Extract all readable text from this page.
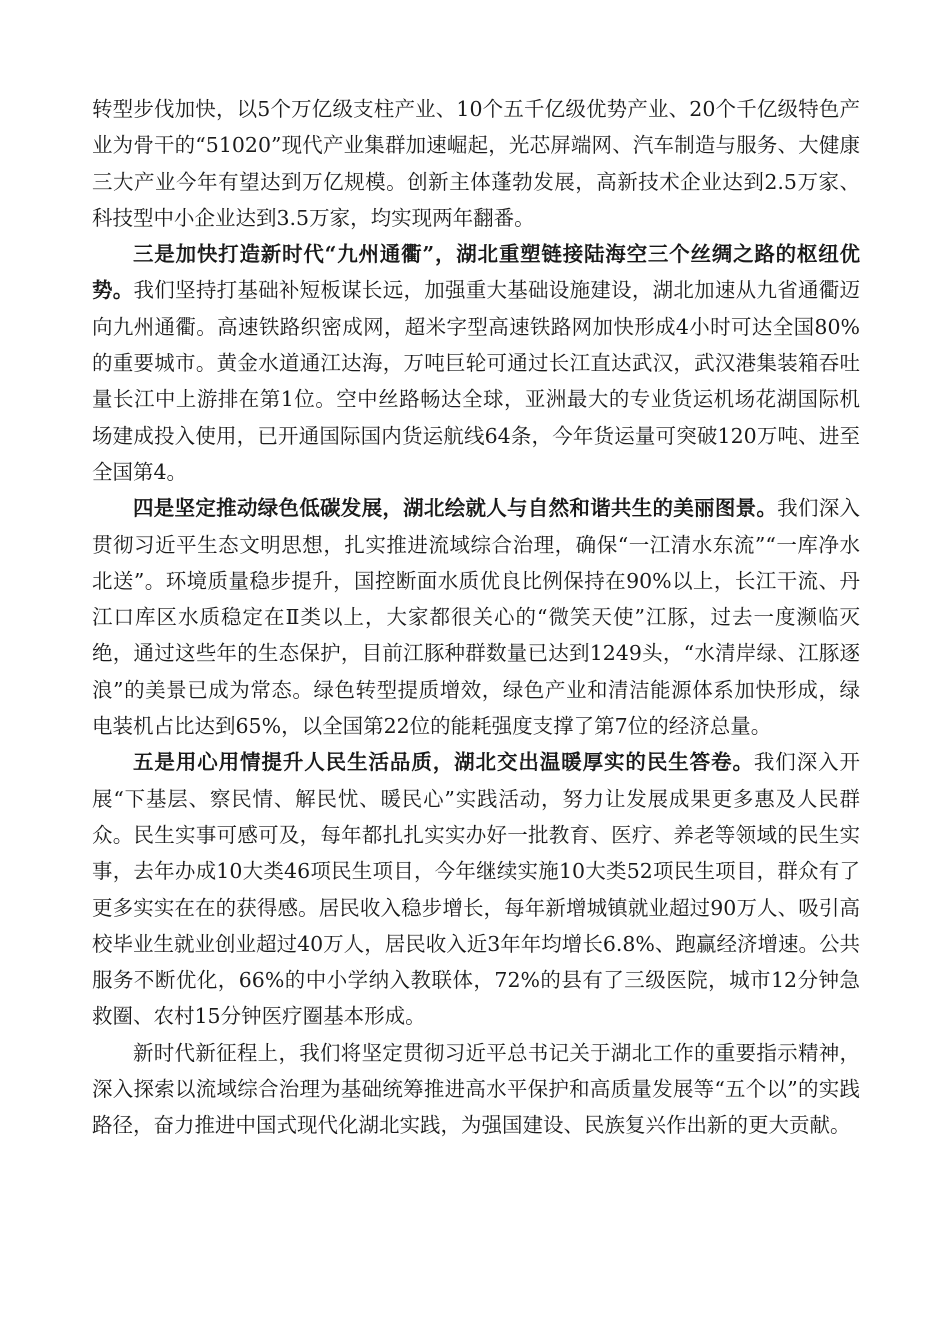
转型步伐加快，以5个万亿级支柱产业、10个五千亿级优势产业、20个千亿级特色产业为骨干的“51020”现代产业集群加速崛起，光芯屏端网、汽车制造与服务、大健康三大产业今年有望达到万亿规模。创新主体蓬勃发展，高新技术企业达到2.5万家、科技型中小企业达到3.5万家，均实现两年翻番。

三是加快打造新时代“九州通衢”，湖北重塑链接陆海空三个丝绸之路的枢纽优势。我们坚持打基础补短板谋长远，加强重大基础设施建设，湖北加速从九省通衢迈向九州通衢。高速铁路织密成网，超米字型高速铁路网加快形成4小时可达全国80%的重要城市。黄金水道通江达海，万吨巨轮可通过长江直达武汉，武汉港集装箱吞吐量长江中上游排在第1位。空中丝路畅达全球，亚洲最大的专业货运机场花湖国际机场建成投入使用，已开通国际国内货运航线64条，今年货运量可突破120万吨、进至全国第4。

四是坚定推动绿色低碳发展，湖北绘就人与自然和谐共生的美丽图景。我们深入贯彻习近平生态文明思想，扎实推进流域综合治理，确保“一江清水东流”“一库净水北送”。环境质量稳步提升，国控断面水质优良比例保持在90%以上，长江干流、丹江口库区水质稳定在Ⅱ类以上，大家都很关心的“微笑天使”江豚，过去一度濒临灭绝，通过这些年的生态保护，目前江豚种群数量已达到1249头，“水清岸绿、江豚逐浪”的美景已成为常态。绿色转型提质增效，绿色产业和清洁能源体系加快形成，绿电装机占比达到65%，以全国第22位的能耗强度支撑了第7位的经济总量。

五是用心用情提升人民生活品质，湖北交出温暖厚实的民生答卷。我们深入开展“下基层、察民情、解民忧、暖民心”实践活动，努力让发展成果更多惠及人民群众。民生实事可感可及，每年都扎扎实实办好一批教育、医疗、养老等领域的民生实事，去年办成10大类46项民生项目，今年继续实施10大类52项民生项目，群众有了更多实实在在的获得感。居民收入稳步增长，每年新增城镇就业超过90万人、吸引高校毕业生就业创业超过40万人，居民收入近3年年均增长6.8%、跑赢经济增速。公共服务不断优化，66%的中小学纳入教联体，72%的县有了三级医院，城市12分钟急救圈、农村15分钟医疗圈基本形成。

新时代新征程上，我们将坚定贯彻习近平总书记关于湖北工作的重要指示精神，深入探索以流域综合治理为基础统筹推进高水平保护和高质量发展等“五个以”的实践路径，奋力推进中国式现代化湖北实践，为强国建设、民族复兴作出新的更大贡献。
